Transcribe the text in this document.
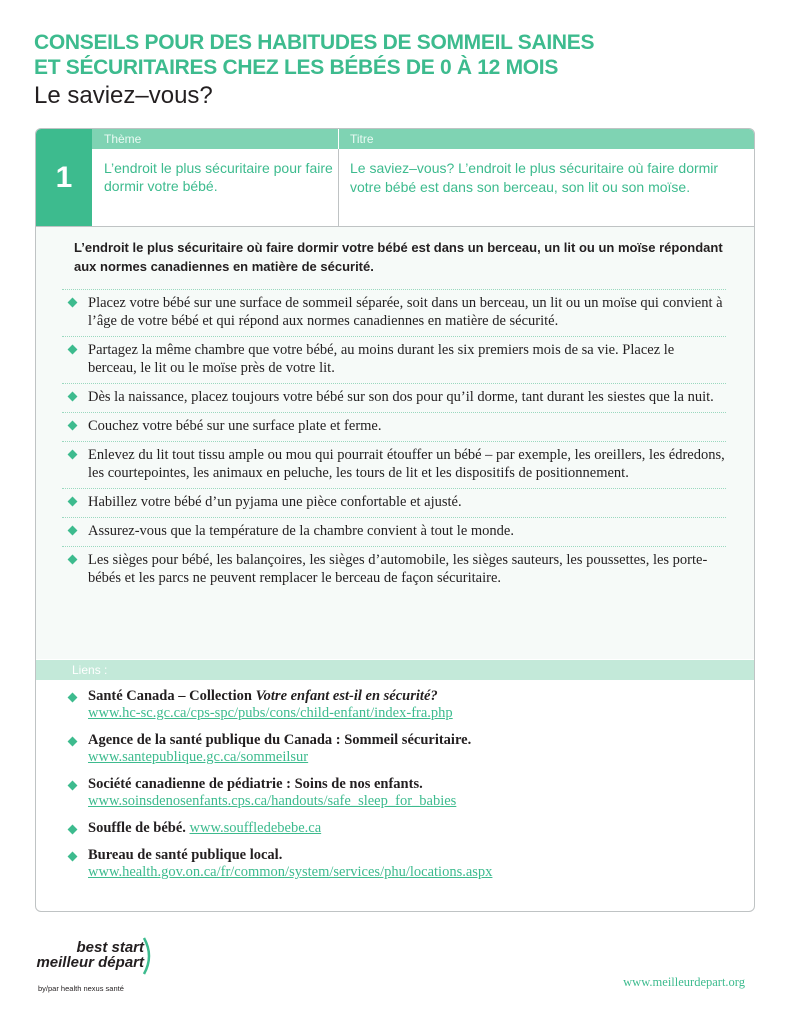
CONSEILS POUR DES HABITUDES DE SOMMEIL SAINES
ET SÉCURITAIRES CHEZ LES BÉBÉS DE 0 À 12 MOIS
Le saviez–vous?
1
Thème	Titre
L’endroit le plus sécuritaire pour faire dormir votre bébé.
Le saviez–vous? L’endroit le plus sécuritaire où faire dormir votre bébé est dans son berceau, son lit ou son moïse.
L’endroit le plus sécuritaire où faire dormir votre bébé est dans un berceau, un lit ou un moïse répondant aux normes canadiennes en matière de sécurité.
Placez votre bébé sur une surface de sommeil séparée, soit dans un berceau, un lit ou un moïse qui convient à l’âge de votre bébé et qui répond aux normes canadiennes en matière de sécurité.
Partagez la même chambre que votre bébé, au moins durant les six premiers mois de sa vie. Placez le berceau, le lit ou le moïse près de votre lit.
Dès la naissance, placez toujours votre bébé sur son dos pour qu’il dorme, tant durant les siestes que la nuit.
Couchez votre bébé sur une surface plate et ferme.
Enlevez du lit tout tissu ample ou mou qui pourrait étouffer un bébé – par exemple, les oreillers, les édredons, les courtepointes, les animaux en peluche, les tours de lit et les dispositifs de positionnement.
Habillez votre bébé d’un pyjama une pièce confortable et ajusté.
Assurez-vous que la température de la chambre convient à tout le monde.
Les sièges pour bébé, les balançoires, les sièges d’automobile, les sièges sauteurs, les poussettes, les porte-bébés et les parcs ne peuvent remplacer le berceau de façon sécuritaire.
Liens :
Santé Canada – Collection Votre enfant est-il en sécurité?
www.hc-sc.gc.ca/cps-spc/pubs/cons/child-enfant/index-fra.php
Agence de la santé publique du Canada : Sommeil sécuritaire.
www.santepublique.gc.ca/sommeilsur
Société canadienne de pédiatrie : Soins de nos enfants.
www.soinsdenosenfants.cps.ca/handouts/safe_sleep_for_babies
Souffle de bébé. www.souffledebebe.ca
Bureau de santé publique local.
www.health.gov.on.ca/fr/common/system/services/phu/locations.aspx
best start
meilleur départ
by/par health nexus santé	www.meilleurdepart.org
